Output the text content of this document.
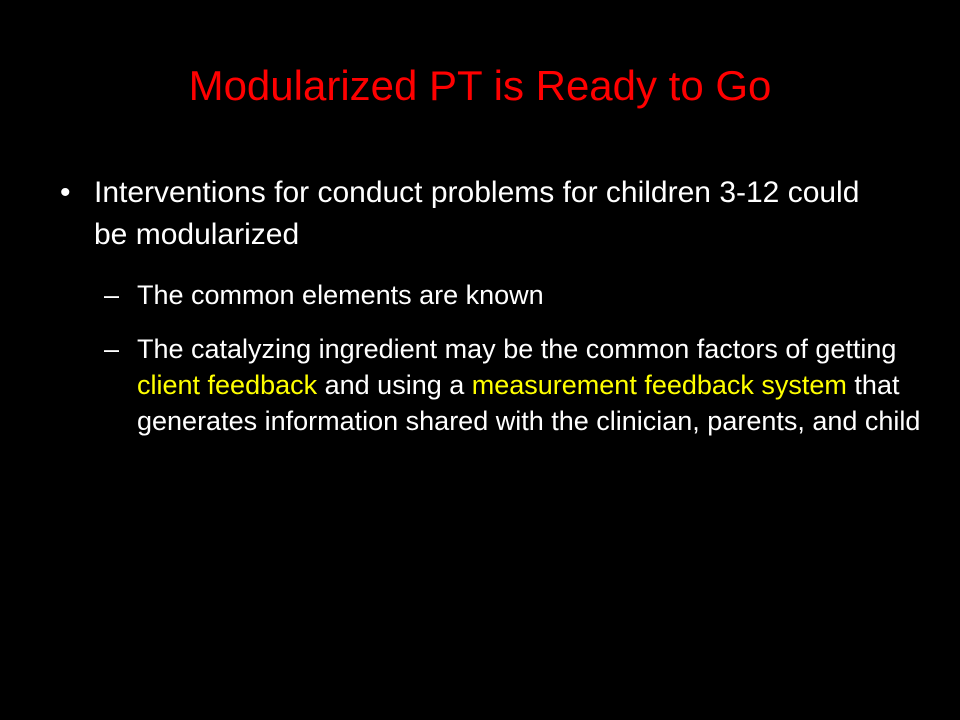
Modularized PT is Ready to Go
• Interventions for conduct problems for children 3-12 could be modularized
– The common elements are known
– The catalyzing ingredient may be the common factors of getting client feedback and using a measurement feedback system that generates information shared with the clinician, parents, and child
